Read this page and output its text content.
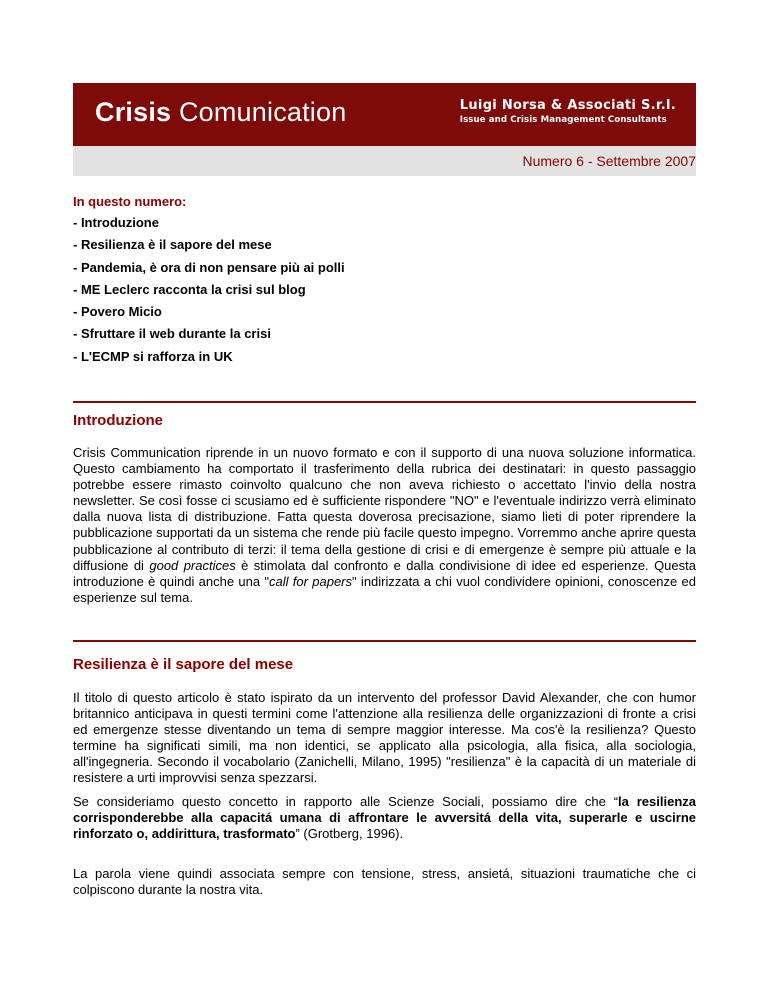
Crisis Comunication	Luigi Norsa & Associati S.r.l.
Issue and Crisis Management Consultants
Numero 6 - Settembre 2007
In questo numero:
- Introduzione
- Resilienza è il sapore del mese
- Pandemia, è ora di non pensare più ai polli
- ME Leclerc racconta la crisi sul blog
- Povero Micio
- Sfruttare il web durante la crisi
- L'ECMP si rafforza in UK
Introduzione

Crisis Communication riprende in un nuovo formato e con il supporto di una nuova soluzione informatica. Questo cambiamento ha comportato il trasferimento della rubrica dei destinatari: in questo passaggio potrebbe essere rimasto coinvolto qualcuno che non aveva richiesto o accettato l'invio della nostra newsletter. Se così fosse ci scusiamo ed è sufficiente rispondere "NO" e l'eventuale indirizzo verrà eliminato dalla nuova lista di distribuzione. Fatta questa doverosa precisazione, siamo lieti di poter riprendere la pubblicazione supportati da un sistema che rende più facile questo impegno. Vorremmo anche aprire questa pubblicazione al contributo di terzi: il tema della gestione di crisi e di emergenze è sempre più attuale e la diffusione di good practices è stimolata dal confronto e dalla condivisione di idee ed esperienze. Questa introduzione è quindi anche una "call for papers" indirizzata a chi vuol condividere opinioni, conoscenze ed esperienze sul tema.

Resilienza è il sapore del mese

Il titolo di questo articolo è stato ispirato da un intervento del professor David Alexander, che con humor britannico anticipava in questi termini come l'attenzione alla resilienza delle organizzazioni di fronte a crisi ed emergenze stesse diventando un tema di sempre maggior interesse. Ma cos'è la resilienza? Questo termine ha significati simili, ma non identici, se applicato alla psicologia, alla fisica, alla sociologia, all'ingegneria. Secondo il vocabolario (Zanichelli, Milano, 1995) "resilienza" è la capacità di un materiale di resistere a urti improvvisi senza spezzarsi.

Se consideriamo questo concetto in rapporto alle Scienze Sociali, possiamo dire che “la resilienza corrisponderebbe alla capacitá umana di affrontare le avversitá della vita, superarle e uscirne rinforzato o, addirittura, trasformato” (Grotberg, 1996).

La parola viene quindi associata sempre con tensione, stress, ansietá, situazioni traumatiche che ci colpiscono durante la nostra vita.
